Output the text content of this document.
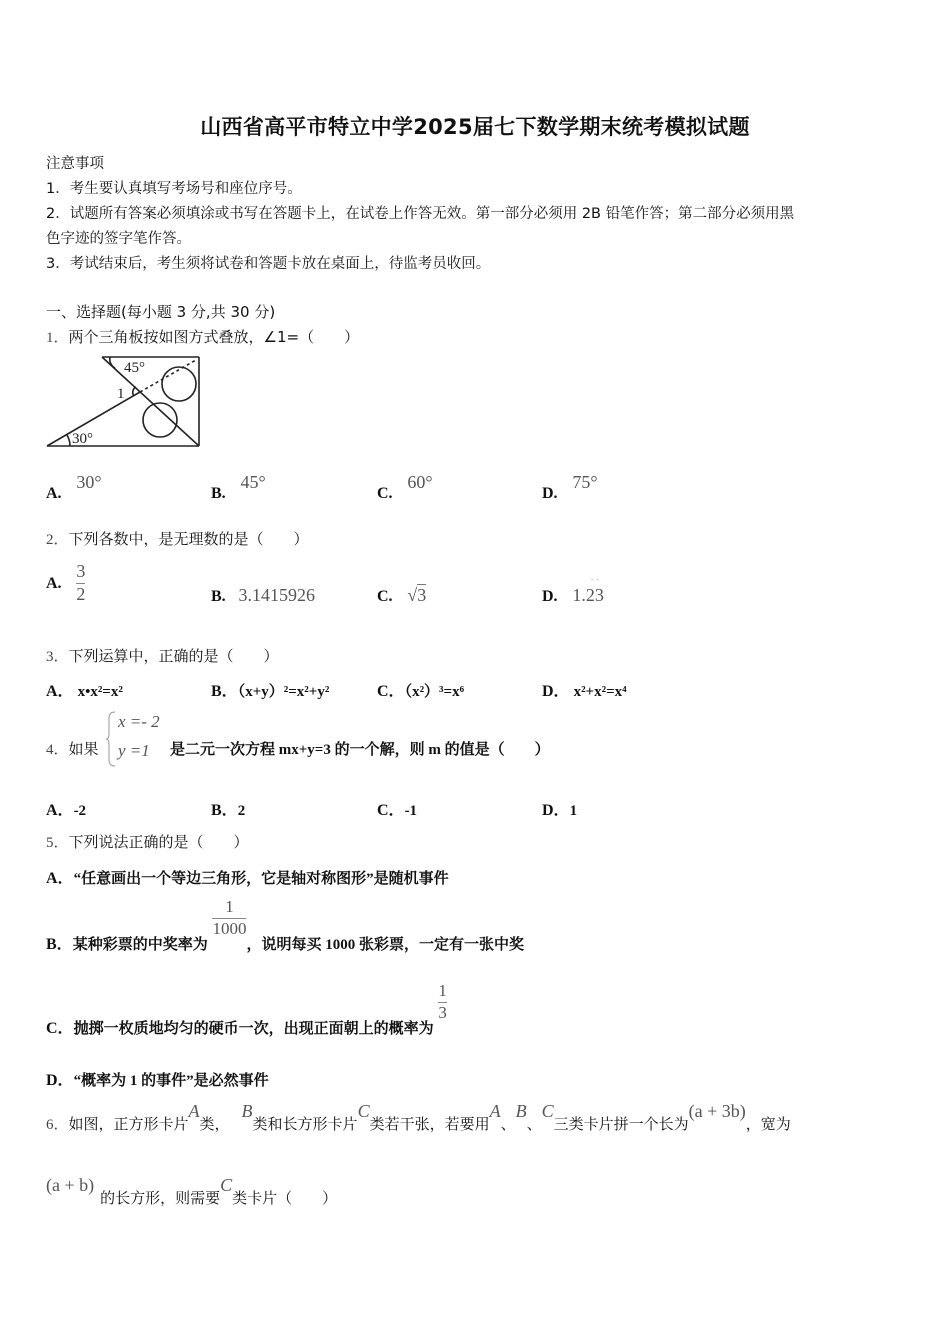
山西省高平市特立中学2025届七下数学期末统考模拟试题
注意事项
1．考生要认真填写考场号和座位序号。
2．试题所有答案必须填涂或书写在答题卡上，在试卷上作答无效。第一部分必须用 2B 铅笔作答；第二部分必须用黑
色字迹的签字笔作答。
3．考试结束后，考生须将试卷和答题卡放在桌面上，待监考员收回。
一、选择题(每小题 3 分,共 30 分)
1．两个三角板按如图方式叠放，∠1=（　　）
45°
1
30°
A. 30°
B. 45°
C. 60°
D. 75°
2．下列各数中，是无理数的是（　　）
A. $\frac{3}{2}$	B. 3.1415926	C. √3	D. 1.23
· ·
3．下列运算中，正确的是（　　）
A． x•x²=x²	B．（x+y）²=x²+y²	C．（x²）³=x⁶	D． x²+x²=x⁴
4．如果
x =- 2
y =1 是二元一次方程 mx+y=3 的一个解，则 m 的值是（　　）
A．-2	B．2	C．-1	D．1
5．下列说法正确的是（　　）
A．“任意画出一个等边三角形，它是轴对称图形”是随机事件
B．某种彩票的中奖率为
$\frac{1}{1000}$
，说明每买 1000 张彩票，一定有一张中奖
C．抛掷一枚质地均匀的硬币一次，出现正面朝上的概率为
$\frac{1}{3}$
D．“概率为 1 的事件”是必然事件
6．如图，正方形卡片A类，B类和长方形卡片C类若干张，若要用A、B、C三类卡片拼一个长为(a + 3b)，宽为
(a + b)的长方形，则需要C类卡片（　　）
